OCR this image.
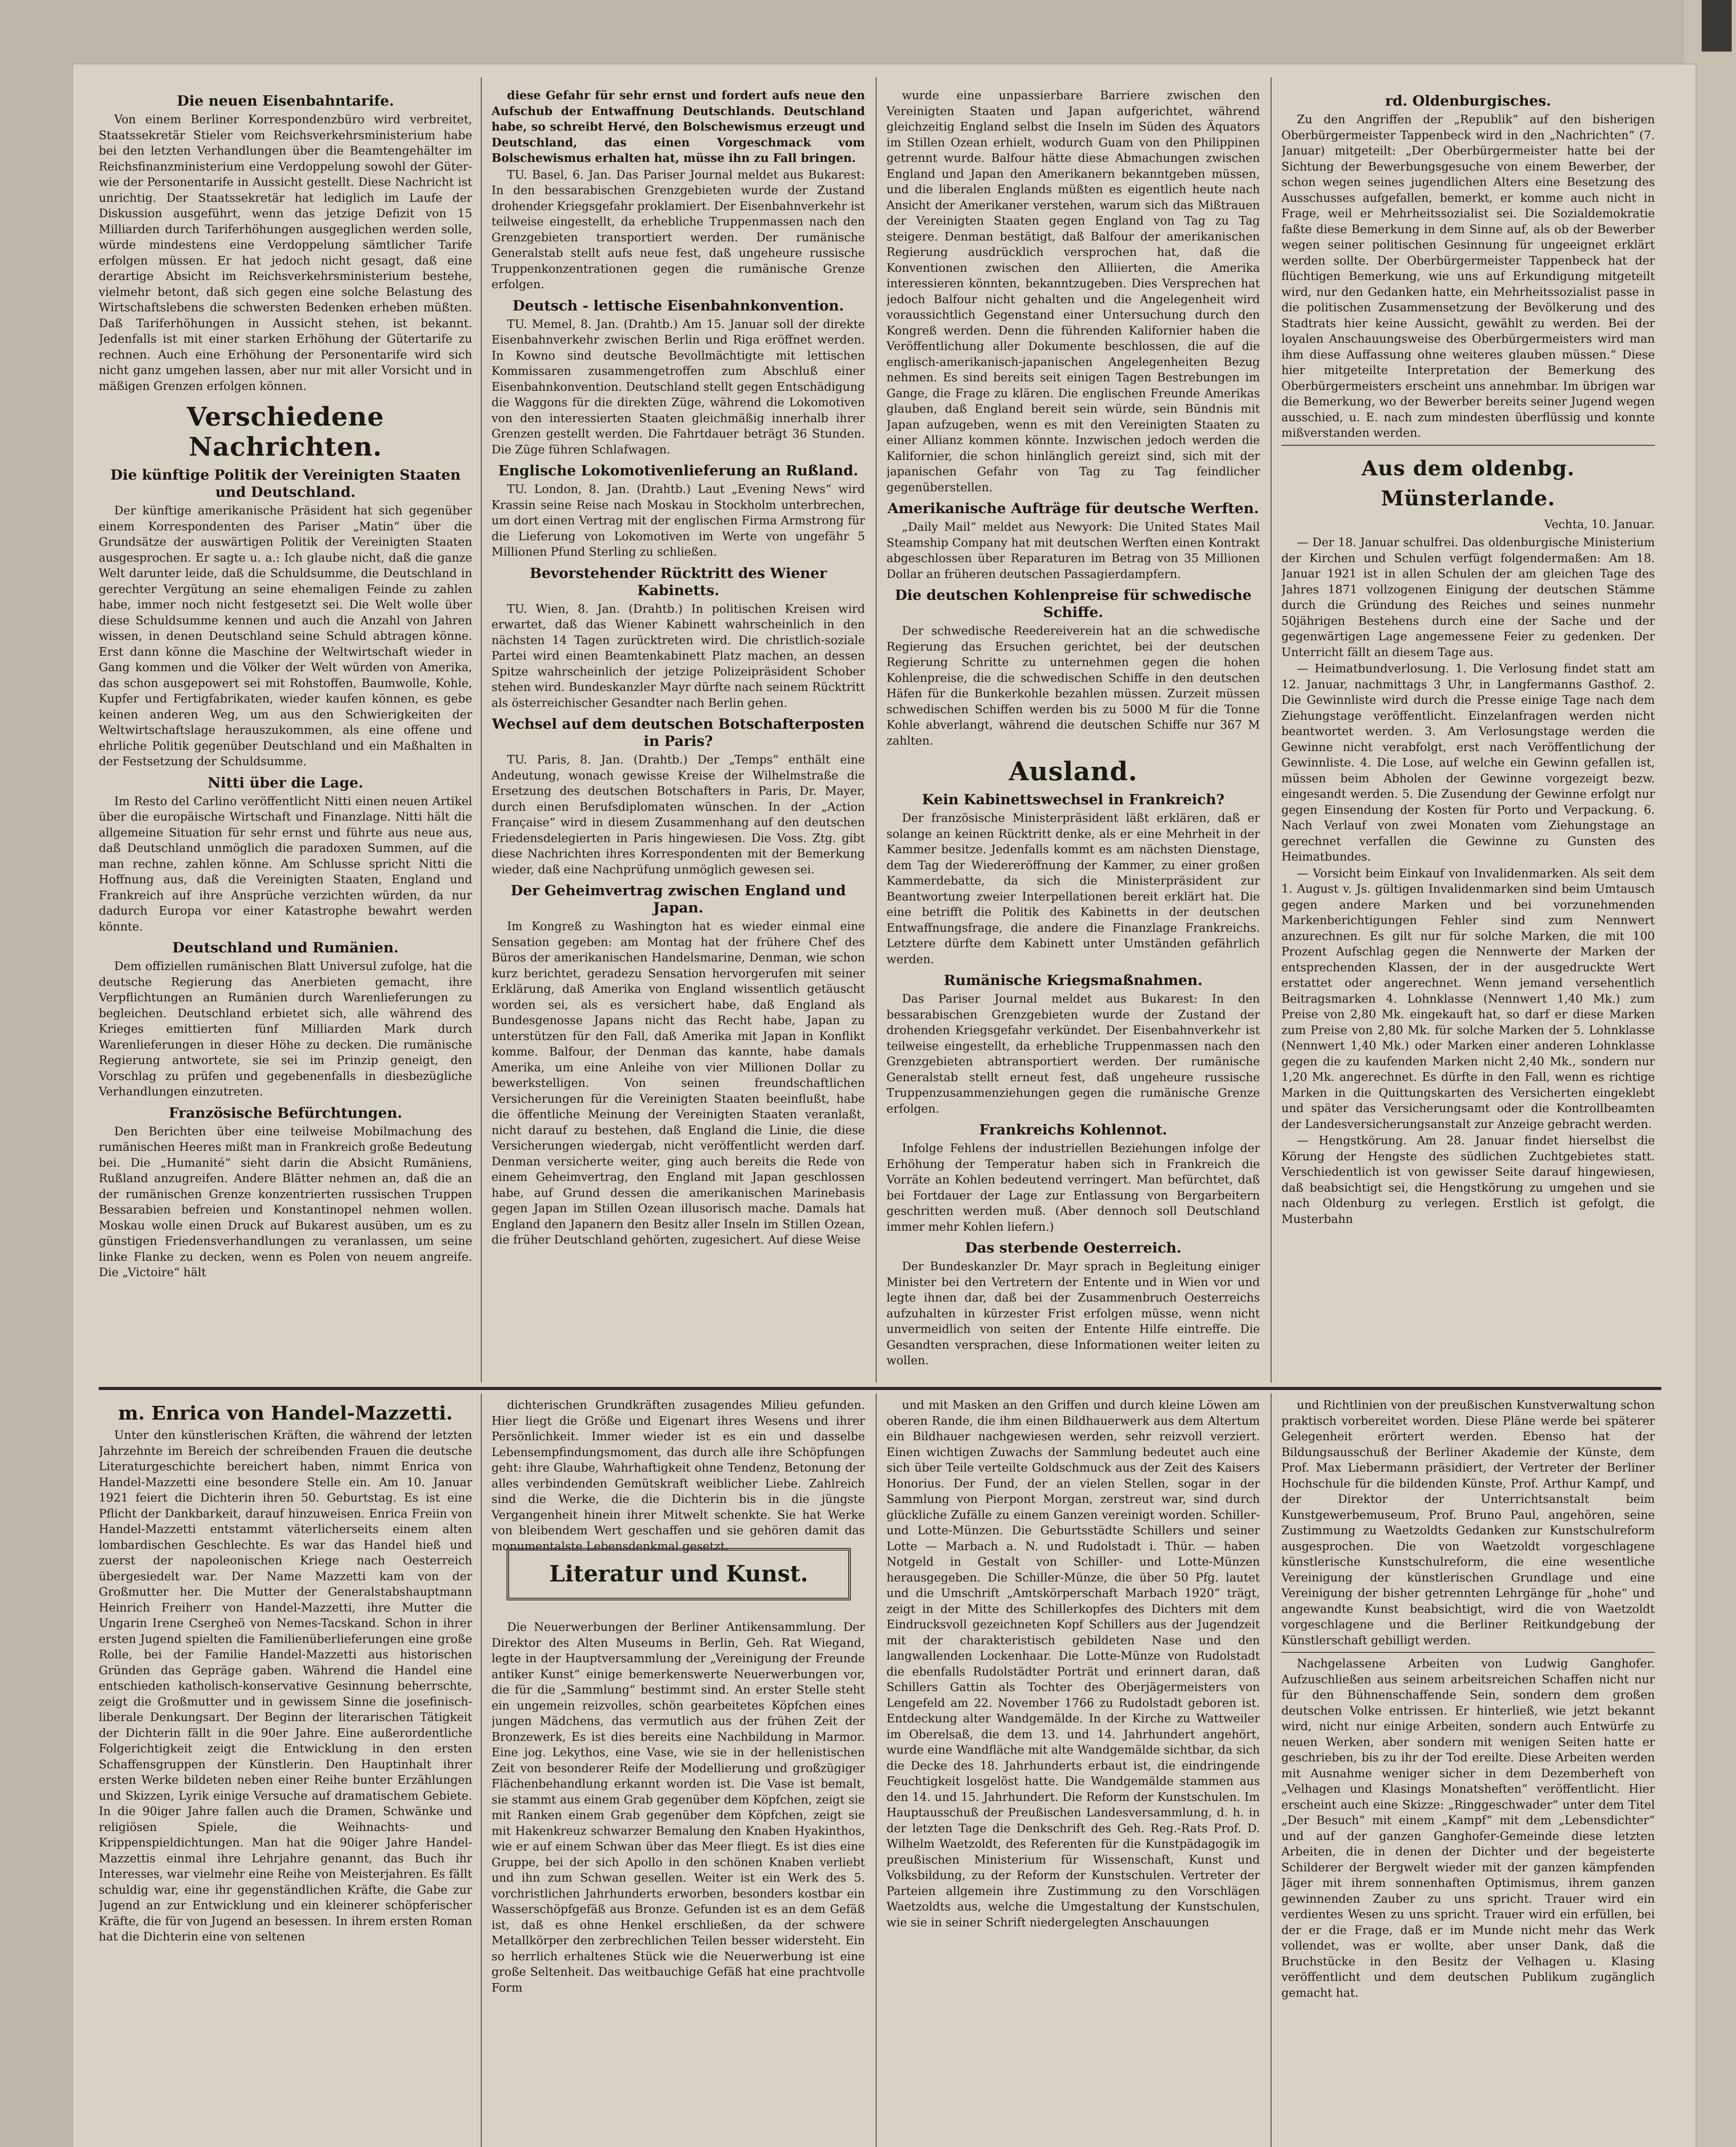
Die neuen Eisenbahntarife.

Von einem Berliner Korrespondenzbüro wird verbreitet, Staatssekretär Stieler vom Reichsverkehrsministerium habe bei den letzten Verhandlungen über die Beamtengehälter im Reichsfinanzministerium eine Verdoppelung sowohl der Güter- wie der Personentarife in Aussicht gestellt. Diese Nachricht ist unrichtig. Der Staatssekretär hat lediglich im Laufe der Diskussion ausgeführt, wenn das jetzige Defizit von 15 Milliarden durch Tariferhöhungen ausgeglichen werden solle, würde mindestens eine Verdoppelung sämtlicher Tarife erfolgen müssen. Er hat jedoch nicht gesagt, daß eine derartige Absicht im Reichsverkehrsministerium bestehe, vielmehr betont, daß sich gegen eine solche Belastung des Wirtschaftslebens die schwersten Bedenken erheben müßten. Daß Tariferhöhungen in Aussicht stehen, ist bekannt. Jedenfalls ist mit einer starken Erhöhung der Gütertarife zu rechnen. Auch eine Erhöhung der Personentarife wird sich nicht ganz umgehen lassen, aber nur mit aller Vorsicht und in mäßigen Grenzen erfolgen können.

Verschiedene Nachrichten.
Die künftige Politik der Vereinigten Staaten und Deutschland.

Der künftige amerikanische Präsident hat sich gegenüber einem Korrespondenten des Pariser „Matin“ über die Grundsätze der auswärtigen Politik der Vereinigten Staaten ausgesprochen. Er sagte u. a.: Ich glaube nicht, daß die ganze Welt darunter leide, daß die Schuldsumme, die Deutschland in gerechter Vergütung an seine ehemaligen Feinde zu zahlen habe, immer noch nicht festgesetzt sei. Die Welt wolle über diese Schuldsumme kennen und auch die Anzahl von Jahren wissen, in denen Deutschland seine Schuld abtragen könne. Erst dann könne die Maschine der Weltwirtschaft wieder in Gang kommen und die Völker der Welt würden von Amerika, das schon ausgepowert sei mit Rohstoffen, Baumwolle, Kohle, Kupfer und Fertigfabrikaten, wieder kaufen können, es gebe keinen anderen Weg, um aus den Schwierigkeiten der Weltwirtschaftslage herauszukommen, als eine offene und ehrliche Politik gegenüber Deutschland und ein Maßhalten in der Festsetzung der Schuldsumme.

Nitti über die Lage.

Im Resto del Carlino veröffentlicht Nitti einen neuen Artikel über die europäische Wirtschaft und Finanzlage. Nitti hält die allgemeine Situation für sehr ernst und führte aus neue aus, daß Deutschland unmöglich die paradoxen Summen, auf die man rechne, zahlen könne. Am Schlusse spricht Nitti die Hoffnung aus, daß die Vereinigten Staaten, England und Frankreich auf ihre Ansprüche verzichten würden, da nur dadurch Europa vor einer Katastrophe bewahrt werden könnte.

Deutschland und Rumänien.

Dem offiziellen rumänischen Blatt Universul zufolge, hat die deutsche Regierung das Anerbieten gemacht, ihre Verpflichtungen an Rumänien durch Warenlieferungen zu begleichen. Deutschland erbietet sich, alle während des Krieges emittierten fünf Milliarden Mark durch Warenlieferungen in dieser Höhe zu decken. Die rumänische Regierung antwortete, sie sei im Prinzip geneigt, den Vorschlag zu prüfen und gegebenenfalls in diesbezügliche Verhandlungen einzutreten.

Französische Befürchtungen.

Den Berichten über eine teilweise Mobilmachung des rumänischen Heeres mißt man in Frankreich große Bedeutung bei. Die „Humanité“ sieht darin die Absicht Rumäniens, Rußland anzugreifen. Andere Blätter nehmen an, daß die an der rumänischen Grenze konzentrierten russischen Truppen Bessarabien befreien und Konstantinopel nehmen wollen. Moskau wolle einen Druck auf Bukarest ausüben, um es zu günstigen Friedensverhandlungen zu veranlassen, um seine linke Flanke zu decken, wenn es Polen von neuem angreife. Die „Victoire“ hält

diese Gefahr für sehr ernst und fordert aufs neue den Aufschub der Entwaffnung Deutschlands. Deutschland habe, so schreibt Hervé, den Bolschewismus erzeugt und Deutschland, das einen Vorgeschmack vom Bolschewismus erhalten hat, müsse ihn zu Fall bringen.

TU. Basel, 6. Jan. Das Pariser Journal meldet aus Bukarest: In den bessarabischen Grenzgebieten wurde der Zustand drohender Kriegsgefahr proklamiert. Der Eisenbahnverkehr ist teilweise eingestellt, da erhebliche Truppenmassen nach den Grenzgebieten transportiert werden. Der rumänische Generalstab stellt aufs neue fest, daß ungeheure russische Truppenkonzentrationen gegen die rumänische Grenze erfolgen.

Deutsch - lettische Eisenbahnkonvention.

TU. Memel, 8. Jan. (Drahtb.) Am 15. Januar soll der direkte Eisenbahnverkehr zwischen Berlin und Riga eröffnet werden. In Kowno sind deutsche Bevollmächtigte mit lettischen Kommissaren zusammengetroffen zum Abschluß einer Eisenbahnkonvention. Deutschland stellt gegen Entschädigung die Waggons für die direkten Züge, während die Lokomotiven von den interessierten Staaten gleichmäßig innerhalb ihrer Grenzen gestellt werden. Die Fahrtdauer beträgt 36 Stunden. Die Züge führen Schlafwagen.

Englische Lokomotivenlieferung an Rußland.

TU. London, 8. Jan. (Drahtb.) Laut „Evening News“ wird Krassin seine Reise nach Moskau in Stockholm unterbrechen, um dort einen Vertrag mit der englischen Firma Armstrong für die Lieferung von Lokomotiven im Werte von ungefähr 5 Millionen Pfund Sterling zu schließen.

Bevorstehender Rücktritt des Wiener Kabinetts.

TU. Wien, 8. Jan. (Drahtb.) In politischen Kreisen wird erwartet, daß das Wiener Kabinett wahrscheinlich in den nächsten 14 Tagen zurücktreten wird. Die christlich-soziale Partei wird einen Beamtenkabinett Platz machen, an dessen Spitze wahrscheinlich der jetzige Polizeipräsident Schober stehen wird. Bundeskanzler Mayr dürfte nach seinem Rücktritt als österreichischer Gesandter nach Berlin gehen.

Wechsel auf dem deutschen Botschafterposten in Paris?

TU. Paris, 8. Jan. (Drahtb.) Der „Temps“ enthält eine Andeutung, wonach gewisse Kreise der Wilhelmstraße die Ersetzung des deutschen Botschafters in Paris, Dr. Mayer, durch einen Berufsdiplomaten wünschen. In der „Action Française“ wird in diesem Zusammenhang auf den deutschen Friedensdelegierten in Paris hingewiesen. Die Voss. Ztg. gibt diese Nachrichten ihres Korrespondenten mit der Bemerkung wieder, daß eine Nachprüfung unmöglich gewesen sei.

Der Geheimvertrag zwischen England und Japan.

Im Kongreß zu Washington hat es wieder einmal eine Sensation gegeben: am Montag hat der frühere Chef des Büros der amerikanischen Handelsmarine, Denman, wie schon kurz berichtet, geradezu Sensation hervorgerufen mit seiner Erklärung, daß Amerika von England wissentlich getäuscht worden sei, als es versichert habe, daß England als Bundesgenosse Japans nicht das Recht habe, Japan zu unterstützen für den Fall, daß Amerika mit Japan in Konflikt komme. Balfour, der Denman das kannte, habe damals Amerika, um eine Anleihe von vier Millionen Dollar zu bewerkstelligen. Von seinen freundschaftlichen Versicherungen für die Vereinigten Staaten beeinflußt, habe die öffentliche Meinung der Vereinigten Staaten veranlaßt, nicht darauf zu bestehen, daß England die Linie, die diese Versicherungen wiedergab, nicht veröffentlicht werden darf. Denman versicherte weiter, ging auch bereits die Rede von einem Geheimvertrag, den England mit Japan geschlossen habe, auf Grund dessen die amerikanischen Marinebasis gegen Japan im Stillen Ozean illusorisch mache. Damals hat England den Japanern den Besitz aller Inseln im Stillen Ozean, die früher Deutschland gehörten, zugesichert. Auf diese Weise

wurde eine unpassierbare Barriere zwischen den Vereinigten Staaten und Japan aufgerichtet, während gleichzeitig England selbst die Inseln im Süden des Äquators im Stillen Ozean erhielt, wodurch Guam von den Philippinen getrennt wurde. Balfour hätte diese Abmachungen zwischen England und Japan den Amerikanern bekanntgeben müssen, und die liberalen Englands müßten es eigentlich heute nach Ansicht der Amerikaner verstehen, warum sich das Mißtrauen der Vereinigten Staaten gegen England von Tag zu Tag steigere. Denman bestätigt, daß Balfour der amerikanischen Regierung ausdrücklich versprochen hat, daß die Konventionen zwischen den Alliierten, die Amerika interessieren könnten, bekanntzugeben. Dies Versprechen hat jedoch Balfour nicht gehalten und die Angelegenheit wird voraussichtlich Gegenstand einer Untersuchung durch den Kongreß werden. Denn die führenden Kalifornier haben die Veröffentlichung aller Dokumente beschlossen, die auf die englisch-amerikanisch-japanischen Angelegenheiten Bezug nehmen. Es sind bereits seit einigen Tagen Bestrebungen im Gange, die Frage zu klären. Die englischen Freunde Amerikas glauben, daß England bereit sein würde, sein Bündnis mit Japan aufzugeben, wenn es mit den Vereinigten Staaten zu einer Allianz kommen könnte. Inzwischen jedoch werden die Kalifornier, die schon hinlänglich gereizt sind, sich mit der japanischen Gefahr von Tag zu Tag feindlicher gegenüberstellen.

Amerikanische Aufträge für deutsche Werften.

„Daily Mail“ meldet aus Newyork: Die United States Mail Steamship Company hat mit deutschen Werften einen Kontrakt abgeschlossen über Reparaturen im Betrag von 35 Millionen Dollar an früheren deutschen Passagierdampfern.

Die deutschen Kohlenpreise für schwedische Schiffe.

Der schwedische Reedereiverein hat an die schwedische Regierung das Ersuchen gerichtet, bei der deutschen Regierung Schritte zu unternehmen gegen die hohen Kohlenpreise, die die schwedischen Schiffe in den deutschen Häfen für die Bunkerkohle bezahlen müssen. Zurzeit müssen schwedischen Schiffen werden bis zu 5000 M für die Tonne Kohle abverlangt, während die deutschen Schiffe nur 367 M zahlten.

Ausland.
Kein Kabinettswechsel in Frankreich?

Der französische Ministerpräsident läßt erklären, daß er solange an keinen Rücktritt denke, als er eine Mehrheit in der Kammer besitze. Jedenfalls kommt es am nächsten Dienstage, dem Tag der Wiedereröffnung der Kammer, zu einer großen Kammerdebatte, da sich die Ministerpräsident zur Beantwortung zweier Interpellationen bereit erklärt hat. Die eine betrifft die Politik des Kabinetts in der deutschen Entwaffnungsfrage, die andere die Finanzlage Frankreichs. Letztere dürfte dem Kabinett unter Umständen gefährlich werden.

Rumänische Kriegsmaßnahmen.

Das Pariser Journal meldet aus Bukarest: In den bessarabischen Grenzgebieten wurde der Zustand der drohenden Kriegsgefahr verkündet. Der Eisenbahnverkehr ist teilweise eingestellt, da erhebliche Truppenmassen nach den Grenzgebieten abtransportiert werden. Der rumänische Generalstab stellt erneut fest, daß ungeheure russische Truppenzusammenziehungen gegen die rumänische Grenze erfolgen.

Frankreichs Kohlennot.

Infolge Fehlens der industriellen Beziehungen infolge der Erhöhung der Temperatur haben sich in Frankreich die Vorräte an Kohlen bedeutend verringert. Man befürchtet, daß bei Fortdauer der Lage zur Entlassung von Bergarbeitern geschritten werden muß. (Aber dennoch soll Deutschland immer mehr Kohlen liefern.)

Das sterbende Oesterreich.

Der Bundeskanzler Dr. Mayr sprach in Begleitung einiger Minister bei den Vertretern der Entente und in Wien vor und legte ihnen dar, daß bei der Zusammenbruch Oesterreichs aufzuhalten in kürzester Frist erfolgen müsse, wenn nicht unvermeidlich von seiten der Entente Hilfe eintreffe. Die Gesandten versprachen, diese Informationen weiter leiten zu wollen.

rd. Oldenburgisches.

Zu den Angriffen der „Republik“ auf den bisherigen Oberbürgermeister Tappenbeck wird in den „Nachrichten“ (7. Januar) mitgeteilt: „Der Oberbürgermeister hatte bei der Sichtung der Bewerbungsgesuche von einem Bewerber, der schon wegen seines jugendlichen Alters eine Besetzung des Ausschusses aufgefallen, bemerkt, er komme auch nicht in Frage, weil er Mehrheitssozialist sei. Die Sozialdemokratie faßte diese Bemerkung in dem Sinne auf, als ob der Bewerber wegen seiner politischen Gesinnung für ungeeignet erklärt werden sollte. Der Oberbürgermeister Tappenbeck hat der flüchtigen Bemerkung, wie uns auf Erkundigung mitgeteilt wird, nur den Gedanken hatte, ein Mehrheitssozialist passe in die politischen Zusammensetzung der Bevölkerung und des Stadtrats hier keine Aussicht, gewählt zu werden. Bei der loyalen Anschauungsweise des Oberbürgermeisters wird man ihm diese Auffassung ohne weiteres glauben müssen.“ Diese hier mitgeteilte Interpretation der Bemerkung des Oberbürgermeisters erscheint uns annehmbar. Im übrigen war die Bemerkung, wo der Bewerber bereits seiner Jugend wegen ausschied, u. E. nach zum mindesten überflüssig und konnte mißverstanden werden.

Aus dem oldenbg. Münsterlande.
Vechta, 10. Januar.

— Der 18. Januar schulfrei. Das oldenburgische Ministerium der Kirchen und Schulen verfügt folgendermaßen: Am 18. Januar 1921 ist in allen Schulen der am gleichen Tage des Jahres 1871 vollzogenen Einigung der deutschen Stämme durch die Gründung des Reiches und seines nunmehr 50jährigen Bestehens durch eine der Sache und der gegenwärtigen Lage angemessene Feier zu gedenken. Der Unterricht fällt an diesem Tage aus.

— Heimatbundverlosung. 1. Die Verlosung findet statt am 12. Januar, nachmittags 3 Uhr, in Langfermanns Gasthof. 2. Die Gewinnliste wird durch die Presse einige Tage nach dem Ziehungstage veröffentlicht. Einzelanfragen werden nicht beantwortet werden. 3. Am Verlosungstage werden die Gewinne nicht verabfolgt, erst nach Veröffentlichung der Gewinnliste. 4. Die Lose, auf welche ein Gewinn gefallen ist, müssen beim Abholen der Gewinne vorgezeigt bezw. eingesandt werden. 5. Die Zusendung der Gewinne erfolgt nur gegen Einsendung der Kosten für Porto und Verpackung. 6. Nach Verlauf von zwei Monaten vom Ziehungstage an gerechnet verfallen die Gewinne zu Gunsten des Heimatbundes.

— Vorsicht beim Einkauf von Invalidenmarken. Als seit dem 1. August v. Js. gültigen Invalidenmarken sind beim Umtausch gegen andere Marken und bei vorzunehmenden Markenberichtigungen Fehler sind zum Nennwert anzurechnen. Es gilt nur für solche Marken, die mit 100 Prozent Aufschlag gegen die Nennwerte der Marken der entsprechenden Klassen, der in der ausgedruckte Wert erstattet oder angerechnet. Wenn jemand versehentlich Beitragsmarken 4. Lohnklasse (Nennwert 1,40 Mk.) zum Preise von 2,80 Mk. eingekauft hat, so darf er diese Marken zum Preise von 2,80 Mk. für solche Marken der 5. Lohnklasse (Nennwert 1,40 Mk.) oder Marken einer anderen Lohnklasse gegen die zu kaufenden Marken nicht 2,40 Mk., sondern nur 1,20 Mk. angerechnet. Es dürfte in den Fall, wenn es richtige Marken in die Quittungskarten des Versicherten eingeklebt und später das Versicherungsamt oder die Kontrollbeamten der Landesversicherungsanstalt zur Anzeige gebracht werden.

— Hengstkörung. Am 28. Januar findet hierselbst die Körung der Hengste des südlichen Zuchtgebietes statt. Verschiedentlich ist von gewisser Seite darauf hingewiesen, daß beabsichtigt sei, die Hengstkörung zu umgehen und sie nach Oldenburg zu verlegen. Erstlich ist gefolgt, die Musterbahn

m. Enrica von Handel-Mazzetti.

Unter den künstlerischen Kräften, die während der letzten Jahrzehnte im Bereich der schreibenden Frauen die deutsche Literaturgeschichte bereichert haben, nimmt Enrica von Handel-Mazzetti eine besondere Stelle ein. Am 10. Januar 1921 feiert die Dichterin ihren 50. Geburtstag. Es ist eine Pflicht der Dankbarkeit, darauf hinzuweisen. Enrica Freiin von Handel-Mazzetti entstammt väterlicherseits einem alten lombardischen Geschlechte. Es war das Handel hieß und zuerst der napoleonischen Kriege nach Oesterreich übergesiedelt war. Der Name Mazzetti kam von der Großmutter her. Die Mutter der Generalstabshauptmann Heinrich Freiherr von Handel-Mazzetti, ihre Mutter die Ungarin Irene Csergheö von Nemes-Tacskand. Schon in ihrer ersten Jugend spielten die Familienüberlieferungen eine große Rolle, bei der Familie Handel-Mazzetti aus historischen Gründen das Gepräge gaben. Während die Handel eine entschieden katholisch-konservative Gesinnung beherrschte, zeigt die Großmutter und in gewissem Sinne die josefinisch-liberale Denkungsart. Der Beginn der literarischen Tätigkeit der Dichterin fällt in die 90er Jahre. Eine außerordentliche Folgerichtigkeit zeigt die Entwicklung in den ersten Schaffensgruppen der Künstlerin. Den Hauptinhalt ihrer ersten Werke bildeten neben einer Reihe bunter Erzählungen und Skizzen, Lyrik einige Versuche auf dramatischem Gebiete. In die 90iger Jahre fallen auch die Dramen, Schwänke und religiösen Spiele, die Weihnachts- und Krippenspieldichtungen. Man hat die 90iger Jahre Handel-Mazzettis einmal ihre Lehrjahre genannt, das Buch ihr Interesses, war vielmehr eine Reihe von Meisterjahren. Es fällt schuldig war, eine ihr gegenständlichen Kräfte, die Gabe zur Jugend an zur Entwicklung und ein kleinerer schöpferischer Kräfte, die für von Jugend an besessen. In ihrem ersten Roman hat die Dichterin eine von seltenen

dichterischen Grundkräften zusagendes Milieu gefunden. Hier liegt die Größe und Eigenart ihres Wesens und ihrer Persönlichkeit. Immer wieder ist es ein und dasselbe Lebensempfindungsmoment, das durch alle ihre Schöpfungen geht: ihre Glaube, Wahrhaftigkeit ohne Tendenz, Betonung der alles verbindenden Gemütskraft weiblicher Liebe. Zahlreich sind die Werke, die die Dichterin bis in die jüngste Vergangenheit hinein ihrer Mitwelt schenkte. Sie hat Werke von bleibendem Wert geschaffen und sie gehören damit das monumentalste Lebensdenkmal gesetzt.

Die Neuerwerbungen der Berliner Antikensammlung. Der Direktor des Alten Museums in Berlin, Geh. Rat Wiegand, legte in der Hauptversammlung der „Vereinigung der Freunde antiker Kunst“ einige bemerkenswerte Neuerwerbungen vor, die für die „Sammlung“ bestimmt sind. An erster Stelle steht ein ungemein reizvolles, schön gearbeitetes Köpfchen eines jungen Mädchens, das vermutlich aus der frühen Zeit der Bronzewerk, Es ist dies bereits eine Nachbildung in Marmor. Eine jog. Lekythos, eine Vase, wie sie in der hellenistischen Zeit von besonderer Reife der Modellierung und großzügiger Flächenbehandlung erkannt worden ist. Die Vase ist bemalt, sie stammt aus einem Grab gegenüber dem Köpfchen, zeigt sie mit Ranken einem Grab gegenüber dem Köpfchen, zeigt sie mit Hakenkreuz schwarzer Bemalung den Knaben Hyakinthos, wie er auf einem Schwan über das Meer fliegt. Es ist dies eine Gruppe, bei der sich Apollo in den schönen Knaben verliebt und ihn zum Schwan gesellen. Weiter ist ein Werk des 5. vorchristlichen Jahrhunderts erworben, besonders kostbar ein Wasserschöpfgefäß aus Bronze. Gefunden ist es an dem Gefäß ist, daß es ohne Henkel erschließen, da der schwere Metallkörper den zerbrechlichen Teilen besser widersteht. Ein so herrlich erhaltenes Stück wie die Neuerwerbung ist eine große Seltenheit. Das weitbauchige Gefäß hat eine prachtvolle Form

Literatur und Kunst.

und mit Masken an den Griffen und durch kleine Löwen am oberen Rande, die ihm einen Bildhauerwerk aus dem Altertum ein Bildhauer nachgewiesen werden, sehr reizvoll verziert. Einen wichtigen Zuwachs der Sammlung bedeutet auch eine sich über Teile verteilte Goldschmuck aus der Zeit des Kaisers Honorius. Der Fund, der an vielen Stellen, sogar in der Sammlung von Pierpont Morgan, zerstreut war, sind durch glückliche Zufälle zu einem Ganzen vereinigt worden. Schiller- und Lotte-Münzen. Die Geburtsstädte Schillers und seiner Lotte — Marbach a. N. und Rudolstadt i. Thür. — haben Notgeld in Gestalt von Schiller- und Lotte-Münzen herausgegeben. Die Schiller-Münze, die über 50 Pfg. lautet und die Umschrift „Amtskörperschaft Marbach 1920“ trägt, zeigt in der Mitte des Schillerkopfes des Dichters mit dem Eindrucksvoll gezeichneten Kopf Schillers aus der Jugendzeit mit der charakteristisch gebildeten Nase und den langwallenden Lockenhaar. Die Lotte-Münze von Rudolstadt die ebenfalls Rudolstädter Porträt und erinnert daran, daß Schillers Gattin als Tochter des Oberjägermeisters von Lengefeld am 22. November 1766 zu Rudolstadt geboren ist. Entdeckung alter Wandgemälde. In der Kirche zu Wattweiler im Oberelsaß, die dem 13. und 14. Jahrhundert angehört, wurde eine Wandfläche mit alte Wandgemälde sichtbar, da sich die Decke des 18. Jahrhunderts erbaut ist, die eindringende Feuchtigkeit losgelöst hatte. Die Wandgemälde stammen aus den 14. und 15. Jahrhundert. Die Reform der Kunstschulen. Im Hauptausschuß der Preußischen Landesversammlung, d. h. in der letzten Tage die Denkschrift des Geh. Reg.-Rats Prof. D. Wilhelm Waetzoldt, des Referenten für die Kunstpädagogik im preußischen Ministerium für Wissenschaft, Kunst und Volksbildung, zu der Reform der Kunstschulen. Vertreter der Parteien allgemein ihre Zustimmung zu den Vorschlägen Waetzoldts aus, welche die Umgestaltung der Kunstschulen, wie sie in seiner Schrift niedergelegten Anschauungen

und Richtlinien von der preußischen Kunstverwaltung schon praktisch vorbereitet worden. Diese Pläne werde bei späterer Gelegenheit erörtert werden. Ebenso hat der Bildungsausschuß der Berliner Akademie der Künste, dem Prof. Max Liebermann präsidiert, der Vertreter der Berliner Hochschule für die bildenden Künste, Prof. Arthur Kampf, und der Direktor der Unterrichtsanstalt beim Kunstgewerbemuseum, Prof. Bruno Paul, angehören, seine Zustimmung zu Waetzoldts Gedanken zur Kunstschulreform ausgesprochen. Die von Waetzoldt vorgeschlagene künstlerische Kunstschulreform, die eine wesentliche Vereinigung der künstlerischen Grundlage und eine Vereinigung der bisher getrennten Lehrgänge für „hohe“ und angewandte Kunst beabsichtigt, wird die von Waetzoldt vorgeschlagene und die Berliner Reitkundgebung der Künstlerschaft gebilligt werden.

Nachgelassene Arbeiten von Ludwig Ganghofer. Aufzuschließen aus seinem arbeitsreichen Schaffen nicht nur für den Bühnenschaffende Sein, sondern dem großen deutschen Volke entrissen. Er hinterließ, wie jetzt bekannt wird, nicht nur einige Arbeiten, sondern auch Entwürfe zu neuen Werken, aber sondern mit wenigen Seiten hatte er geschrieben, bis zu ihr der Tod ereilte. Diese Arbeiten werden mit Ausnahme weniger sicher in dem Dezemberheft von „Velhagen und Klasings Monatsheften“ veröffentlicht. Hier erscheint auch eine Skizze: „Ringgeschwader“ unter dem Titel „Der Besuch“ mit einem „Kampf“ mit dem „Lebensdichter“ und auf der ganzen Ganghofer-Gemeinde diese letzten Arbeiten, die in denen der Dichter und der begeisterte Schilderer der Bergwelt wieder mit der ganzen kämpfenden Jäger mit ihrem sonnenhaften Optimismus, ihrem ganzen gewinnenden Zauber zu uns spricht. Trauer wird ein verdientes Wesen zu uns spricht. Trauer wird ein erfüllen, bei der er die Frage, daß er im Munde nicht mehr das Werk vollendet, was er wollte, aber unser Dank, daß die Bruchstücke in den Besitz der Velhagen u. Klasing veröffentlicht und dem deutschen Publikum zugänglich gemacht hat.
